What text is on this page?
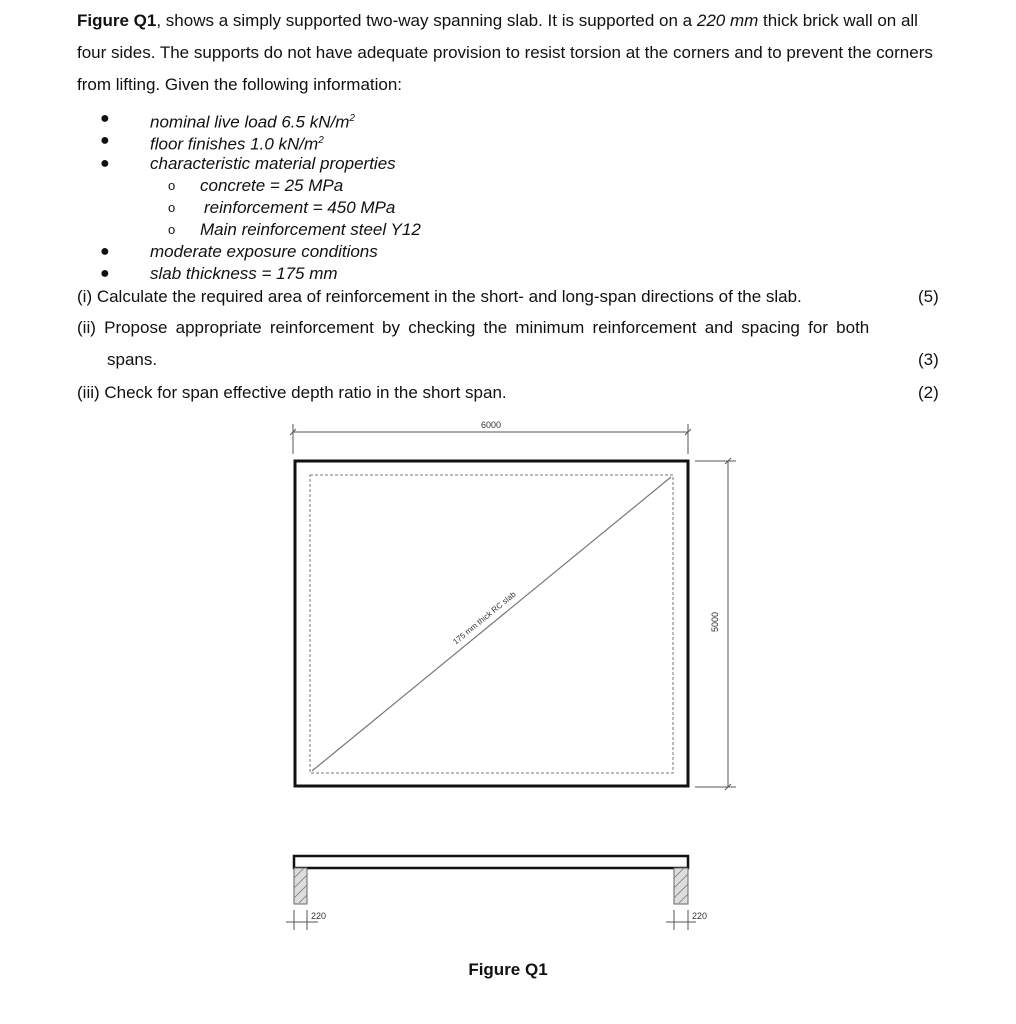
Figure Q1, shows a simply supported two-way spanning slab. It is supported on a 220 mm thick brick wall on all four sides. The supports do not have adequate provision to resist torsion at the corners and to prevent the corners from lifting. Given the following information:

● nominal live load 6.5 $kN/m^2$
● floor finishes 1.0 $kN/m^2$
● characteristic material properties
o concrete = 25 MPa
o reinforcement = 450 MPa
o Main reinforcement steel Y12
● moderate exposure conditions
● slab thickness = 175 mm
(i) Calculate the required area of reinforcement in the short- and long-span directions of the slab.	(5)
(ii) Propose appropriate reinforcement by checking the minimum reinforcement and spacing for both
spans.	(3)
(iii) Check for span effective depth ratio in the short span.	(2)
6000
5000
175 mm thick RC slab
220	220
Figure Q1
